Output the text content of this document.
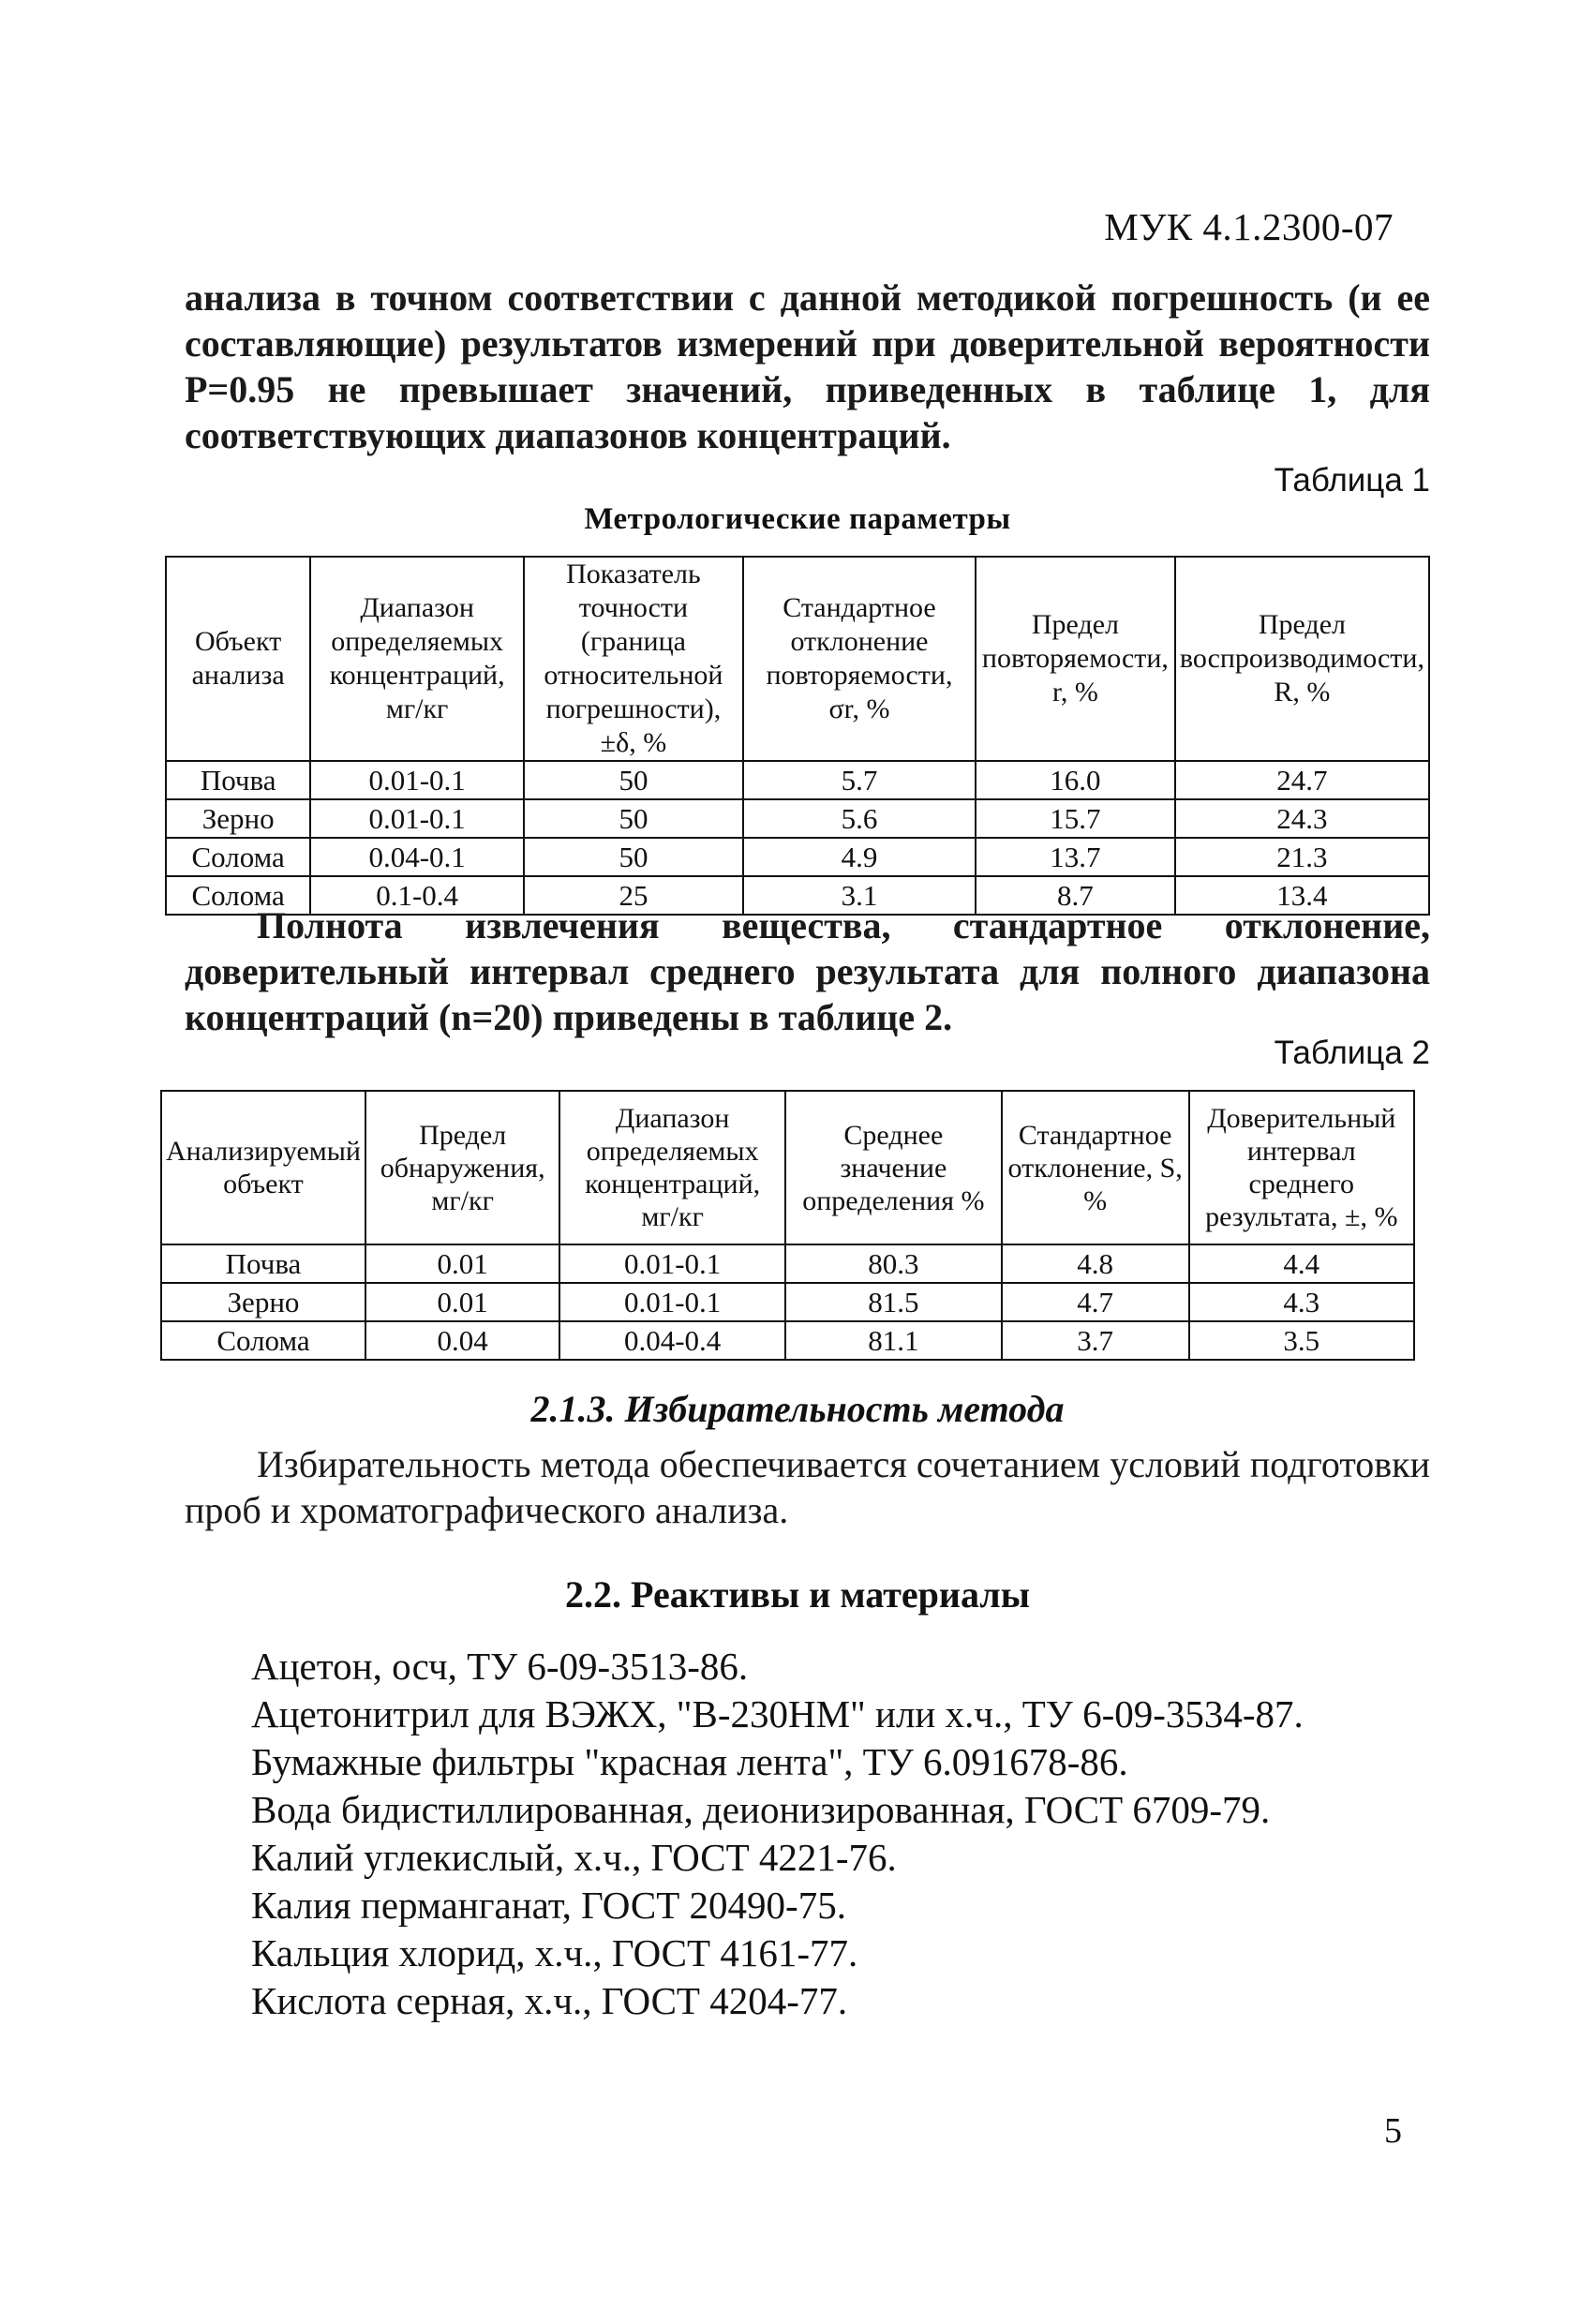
МУК 4.1.2300-07
анализа в точном соответствии с данной методикой погрешность (и ее составляющие) результатов измерений при доверительной вероятности Р=0.95 не превышает значений, приведенных в таблице 1, для соответствующих диапазонов концентраций.
Таблица 1
Метрологические параметры
Объект анализа	Диапазон определяемых концентраций, мг/кг	Показатель точности (граница относительной погрешности), ±δ, %	Стандартное отклонение повторяемости, σr, %	Предел повторяемости, r, %	Предел воспроизводимости, R, %
Почва	0.01-0.1	50	5.7	16.0	24.7
Зерно	0.01-0.1	50	5.6	15.7	24.3
Солома	0.04-0.1	50	4.9	13.7	21.3
Солома	0.1-0.4	25	3.1	8.7	13.4
Полнота извлечения вещества, стандартное отклонение, доверительный интервал среднего результата для полного диапазона концентраций (n=20) приведены в таблице 2.
Таблица 2
Анализируемый объект	Предел обнаружения, мг/кг	Диапазон определяемых концентраций, мг/кг	Среднее значение определения %	Стандартное отклонение, S, %	Доверительный интервал среднего результата, ±, %
Почва	0.01	0.01-0.1	80.3	4.8	4.4
Зерно	0.01	0.01-0.1	81.5	4.7	4.3
Солома	0.04	0.04-0.4	81.1	3.7	3.5
2.1.3. Избирательность метода
Избирательность метода обеспечивается сочетанием условий подготовки проб и хроматографического анализа.
2.2. Реактивы и материалы
Ацетон, осч, ТУ 6-09-3513-86.
Ацетонитрил для ВЭЖХ, "В-230НМ" или х.ч., ТУ 6-09-3534-87.
Бумажные фильтры "красная лента", ТУ 6.091678-86.
Вода бидистиллированная, деионизированная, ГОСТ 6709-79.
Калий углекислый, х.ч., ГОСТ 4221-76.
Калия перманганат, ГОСТ 20490-75.
Кальция хлорид, х.ч., ГОСТ 4161-77.
Кислота серная, х.ч., ГОСТ 4204-77.
5
